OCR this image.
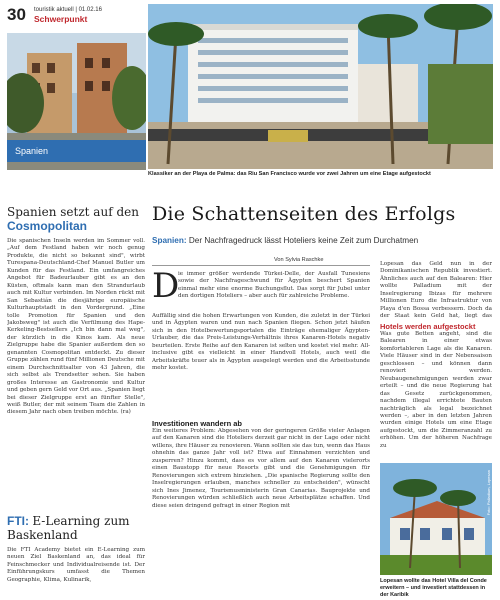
30 touristik aktuell | 01.02.16
Schwerpunkt
Spanien
Klassiker an der Playa de Palma: das Riu San Francisco wurde vor zwei Jahren um eine Etage aufgestockt
Spanien setzt auf den Cosmopolitan
Die spanischen Inseln werden im Sommer voll. „Auf dem Festland haben wir noch genug Produkte, die nicht so bekannt sind", wirbt Turespana-Deutschland-Chef Manuel Butler um Kunden für das Festland. Ein umfangreiches Angebot für Badeurlauber gibt es an den Küsten, oftmals kann man den Strandurlaub auch mit Kultur verbinden. Im Norden rückt mit San Sebastián die diesjährige europäische Kulturhauptstadt in den Vordergrund. „Eine tolle Promotion für Spanien und den Jakobsweg" ist auch die Verfilmung des Hape-Kerkeling-Bestsellers „Ich bin dann mal weg", der kürzlich in die Kinos kam. Als neue Zielgruppe habe die Spanier außerdem den so genannten Cosmopolitan entdeckt. Zu dieser Gruppe zählen rund fünf Millionen Deutsche mit einem Durchschnittsalter von 43 Jahren, die sich selbst als Trendsetter sehen. Sie haben großes Interesse an Gastronomie und Kultur und geben gern Geld vor Ort aus. „Spanien liegt bei dieser Zielgruppe erst an fünfter Stelle", weiß Butler, der mit seinem Team die Zahlen in diesem Jahr nach oben treiben möchte. (ra)
FTI: E-Learning zum Baskenland
Die FTI Academy bietet ein E-Learning zum neuen Ziel Baskenland an, das ideal für Feinschmecker und Individualreisende ist. Der Einführungskurs umfasst die Themen Geographie, Klima, Kulinarik,
Die Schattenseiten des Erfolgs
Spanien: Der Nachfragedruck lässt Hoteliers keine Zeit zum Durchatmen
Von Sylvia Raschke
D
ie immer größer werdende Türkei-Delle, der Ausfall Tunesiens sowie der Nachfrageschwund für Ägypten beschert Spanien einmal mehr eine enorme Buchungsflut. Das sorgt für Jubel unter den dortigen Hoteliers – aber auch für zahlreiche Probleme.
Auffällig sind die hohen Erwartungen von Kunden, die zuletzt in der Türkei und in Ägypten waren und nun nach Spanien fliegen. Schon jetzt häufen sich in den Hotelbewertungsportalen die Einträge ehemaliger Ägypten-Urlauber, die das Preis-Leistungs-Verhältnis ihres Kanaren-Hotels negativ beurteilen. Erste Reihe auf den Kanaren ist selten und kostet viel mehr. All-inclusive gibt es vielleicht in einer Handvoll Hotels, auch weil die Arbeitskräfte teuer als in Ägypten ausgelegt werden und die Arbeitsstunde mehr kostet.
Investitionen wandern ab
Ein weiteres Problem: Abgesehen von der geringeren Größe vieler Anlagen auf den Kanaren sind die Hoteliers derzeit gar nicht in der Lage oder nicht willens, ihre Häuser zu renovieren. Wann sollten sie das tun, wenn das Haus ohnehin das ganze Jahr voll ist? Etwa auf Einnahmen verzichten und zusperren? Hinzu kommt, dass es vor allem auf den Kanaren vielerorts einen Baustopp für neue Resorts gibt und die Genehmigungen für Renovierungen sich extrem hinziehen. „Die spanische Regierung sollte den Inselregierungen erlauben, manches schneller zu entscheiden", wünscht sich Ines Jimenez, Tourismusministerin Gran Canarias. Bauprojekte und Renovierungen würden schließlich auch neue Arbeitsplätze schaffen. Und diese seien dringend gefragt in einer Region mit
Lopesan das Geld nun in der Dominikanischen Republik investiert. Ähnliches auch auf den Balearen: Hier wollte Palladium mit der Inselregierung Ibizas für mehrere Millionen Euro die Infrastruktur von Playa d'en Bossa verbessern. Doch da der Staat kein Geld hat, liegt das
Hotels werden aufgestockt
Was gute Betten angeht, sind die Balearen in einer etwas komfortableren Lage als die Kanaren. Viele Häuser sind in der Nebensaison geschlossen – und können dann renoviert werden. Neubaugenehmigungen werden zwar erteilt – und die neue Regierung hat das Gesetz zurückgenommen, nachdem illegal errichtete Bauten nachträglich als legal bezeichnet werden –, aber in den letzten Jahren wurden einige Hotels um eine Etage aufgestockt, um die Zimmeranzahl zu erhöhen. Um der höheren Nachfrage zu
Foto: Palladium, Lopesan
Lopesan wollte das Hotel Villa del Conde erweitern – und investiert stattdessen in der Karibik
